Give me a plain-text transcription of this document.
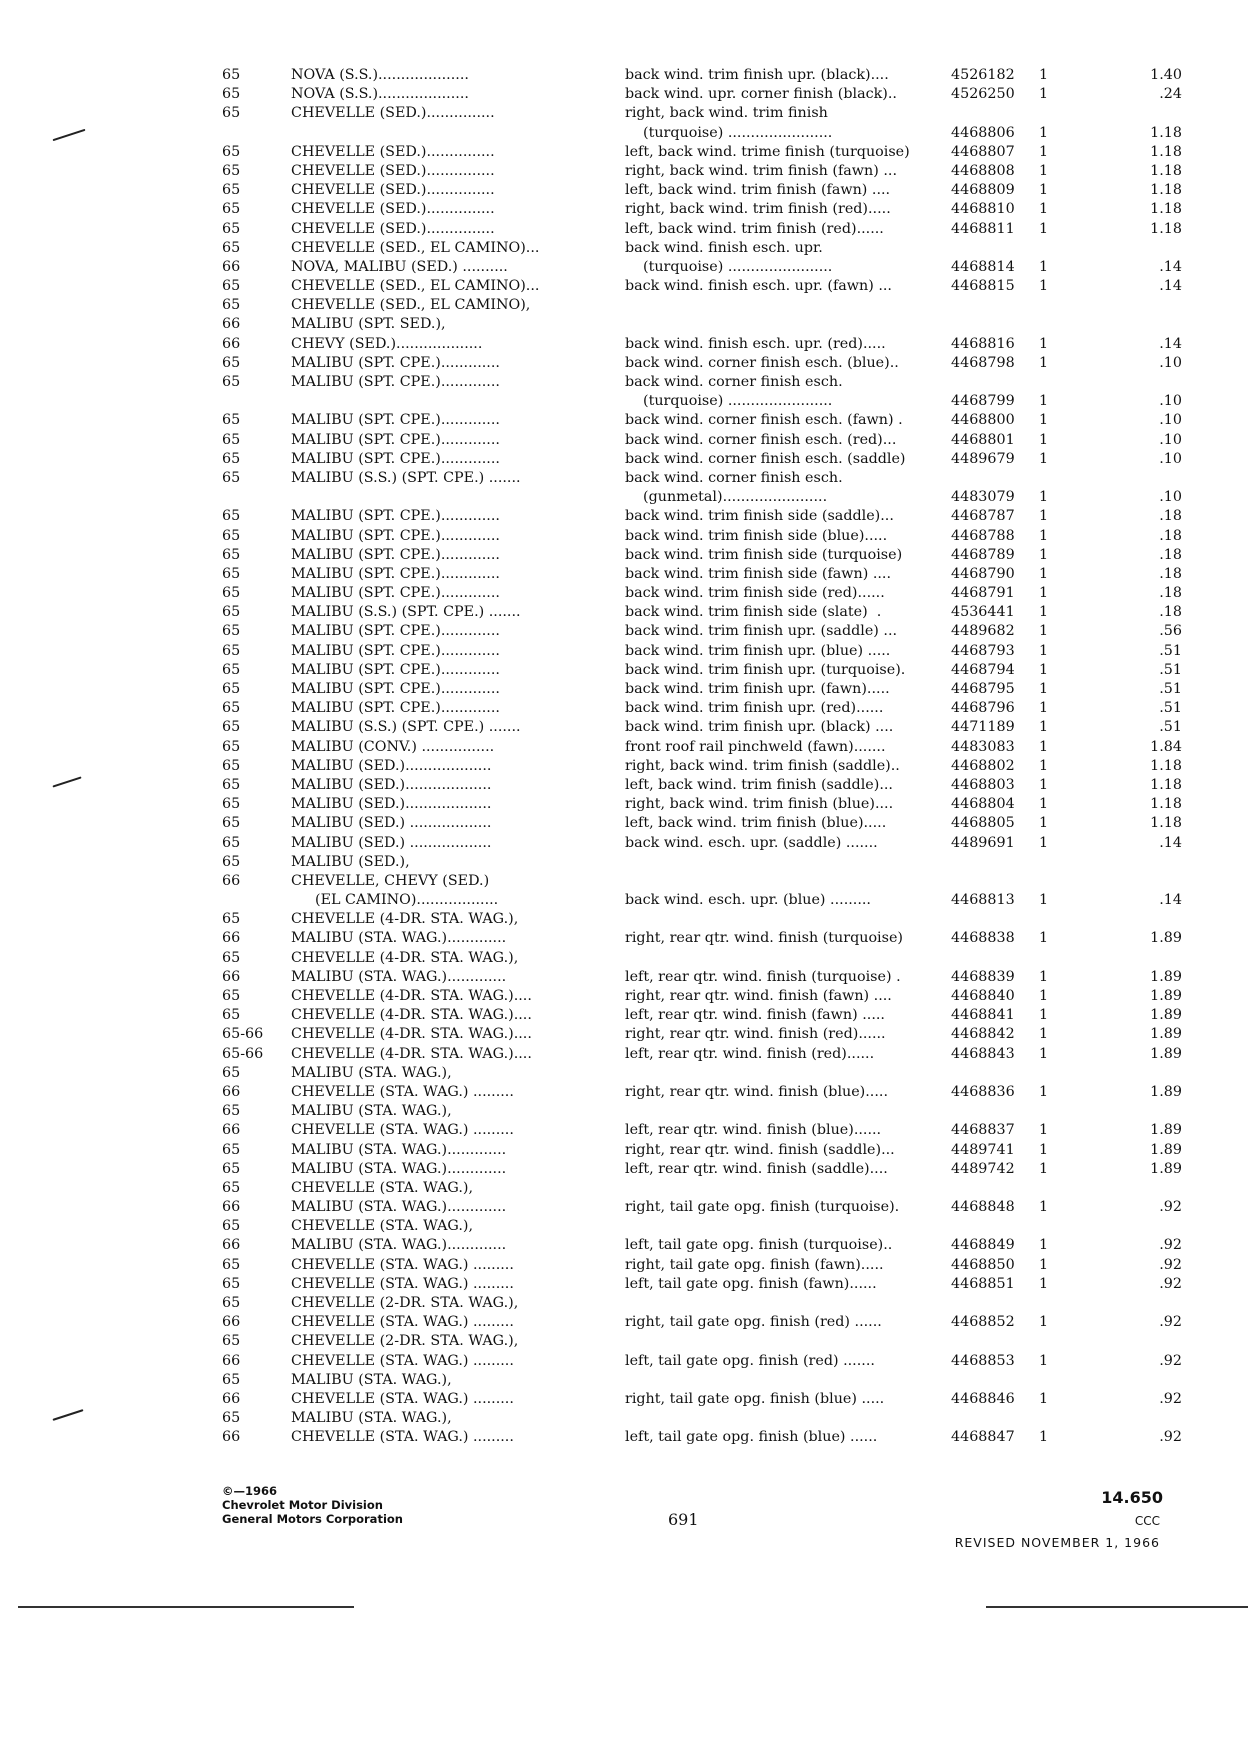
65	NOVA (S.S.)....................	back wind. trim finish upr. (black)....	4526182 1	1.40
65	NOVA (S.S.)....................	back wind. upr. corner finish (black)..	4526250 1	.24
65	CHEVELLE (SED.)...............	right, back wind. trim finish
(turquoise) .......................	4468806 1	1.18
65	CHEVELLE (SED.)...............	left, back wind. trime finish (turquoise)	4468807 1	1.18
65	CHEVELLE (SED.)...............	right, back wind. trim finish (fawn) ...	4468808 1	1.18
65	CHEVELLE (SED.)...............	left, back wind. trim finish (fawn) ....	4468809 1	1.18
65	CHEVELLE (SED.)...............	right, back wind. trim finish (red).....	4468810 1	1.18
65	CHEVELLE (SED.)...............	left, back wind. trim finish (red)......	4468811 1	1.18
65	CHEVELLE (SED., EL CAMINO)...	back wind. finish esch. upr.
66	NOVA, MALIBU (SED.) ..........	(turquoise) .......................	4468814 1	.14
65	CHEVELLE (SED., EL CAMINO)...	back wind. finish esch. upr. (fawn) ...	4468815 1	.14
65	CHEVELLE (SED., EL CAMINO),
66	MALIBU (SPT. SED.),
66	CHEVY (SED.)...................	back wind. finish esch. upr. (red).....	4468816 1	.14
65	MALIBU (SPT. CPE.).............	back wind. corner finish esch. (blue)..	4468798 1	.10
65	MALIBU (SPT. CPE.).............	back wind. corner finish esch.
(turquoise) .......................	4468799 1	.10
65	MALIBU (SPT. CPE.).............	back wind. corner finish esch. (fawn) .	4468800 1	.10
65	MALIBU (SPT. CPE.).............	back wind. corner finish esch. (red)...	4468801 1	.10
65	MALIBU (SPT. CPE.).............	back wind. corner finish esch. (saddle)	4489679 1	.10
65	MALIBU (S.S.) (SPT. CPE.) .......	back wind. corner finish esch.
(gunmetal).......................	4483079 1	.10
65	MALIBU (SPT. CPE.).............	back wind. trim finish side (saddle)...	4468787 1	.18
65	MALIBU (SPT. CPE.).............	back wind. trim finish side (blue).....	4468788 1	.18
65	MALIBU (SPT. CPE.).............	back wind. trim finish side (turquoise)	4468789 1	.18
65	MALIBU (SPT. CPE.).............	back wind. trim finish side (fawn) ....	4468790 1	.18
65	MALIBU (SPT. CPE.).............	back wind. trim finish side (red)......	4468791 1	.18
65	MALIBU (S.S.) (SPT. CPE.) .......	back wind. trim finish side (slate)  .	4536441 1	.18
65	MALIBU (SPT. CPE.).............	back wind. trim finish upr. (saddle) ...	4489682 1	.56
65	MALIBU (SPT. CPE.).............	back wind. trim finish upr. (blue) .....	4468793 1	.51
65	MALIBU (SPT. CPE.).............	back wind. trim finish upr. (turquoise).	4468794 1	.51
65	MALIBU (SPT. CPE.).............	back wind. trim finish upr. (fawn).....	4468795 1	.51
65	MALIBU (SPT. CPE.).............	back wind. trim finish upr. (red)......	4468796 1	.51
65	MALIBU (S.S.) (SPT. CPE.) .......	back wind. trim finish upr. (black) ....	4471189 1	.51
65	MALIBU (CONV.) ................	front roof rail pinchweld (fawn).......	4483083 1	1.84
65	MALIBU (SED.)...................	right, back wind. trim finish (saddle)..	4468802 1	1.18
65	MALIBU (SED.)...................	left, back wind. trim finish (saddle)...	4468803 1	1.18
65	MALIBU (SED.)...................	right, back wind. trim finish (blue)....	4468804 1	1.18
65	MALIBU (SED.) ..................	left, back wind. trim finish (blue).....	4468805 1	1.18
65	MALIBU (SED.) ..................	back wind. esch. upr. (saddle) .......	4489691 1	.14
65	MALIBU (SED.),
66	CHEVELLE, CHEVY (SED.)
(EL CAMINO)..................	back wind. esch. upr. (blue) .........	4468813 1	.14
65	CHEVELLE (4-DR. STA. WAG.),
66	MALIBU (STA. WAG.).............	right, rear qtr. wind. finish (turquoise)	4468838 1	1.89
65	CHEVELLE (4-DR. STA. WAG.),
66	MALIBU (STA. WAG.).............	left, rear qtr. wind. finish (turquoise) .	4468839 1	1.89
65	CHEVELLE (4-DR. STA. WAG.)....	right, rear qtr. wind. finish (fawn) ....	4468840 1	1.89
65	CHEVELLE (4-DR. STA. WAG.)....	left, rear qtr. wind. finish (fawn) .....	4468841 1	1.89
65-66 CHEVELLE (4-DR. STA. WAG.)....	right, rear qtr. wind. finish (red)......	4468842 1	1.89
65-66 CHEVELLE (4-DR. STA. WAG.)....	left, rear qtr. wind. finish (red)......	4468843 1	1.89
65	MALIBU (STA. WAG.),
66	CHEVELLE (STA. WAG.) .........	right, rear qtr. wind. finish (blue).....	4468836 1	1.89
65	MALIBU (STA. WAG.),
66	CHEVELLE (STA. WAG.) .........	left, rear qtr. wind. finish (blue)......	4468837 1	1.89
65	MALIBU (STA. WAG.).............	right, rear qtr. wind. finish (saddle)...	4489741 1	1.89
65	MALIBU (STA. WAG.).............	left, rear qtr. wind. finish (saddle)....	4489742 1	1.89
65	CHEVELLE (STA. WAG.),
66	MALIBU (STA. WAG.).............	right, tail gate opg. finish (turquoise).	4468848 1	.92
65	CHEVELLE (STA. WAG.),
66	MALIBU (STA. WAG.).............	left, tail gate opg. finish (turquoise)..	4468849 1	.92
65	CHEVELLE (STA. WAG.) .........	right, tail gate opg. finish (fawn).....	4468850 1	.92
65	CHEVELLE (STA. WAG.) .........	left, tail gate opg. finish (fawn)......	4468851 1	.92
65	CHEVELLE (2-DR. STA. WAG.),
66	CHEVELLE (STA. WAG.) .........	right, tail gate opg. finish (red) ......	4468852 1	.92
65	CHEVELLE (2-DR. STA. WAG.),
66	CHEVELLE (STA. WAG.) .........	left, tail gate opg. finish (red) .......	4468853 1	.92
65	MALIBU (STA. WAG.),
66	CHEVELLE (STA. WAG.) .........	right, tail gate opg. finish (blue) .....	4468846 1	.92
65	MALIBU (STA. WAG.),
66	CHEVELLE (STA. WAG.) .........	left, tail gate opg. finish (blue) ......	4468847 1	.92
©—1966
Chevrolet Motor Division
General Motors Corporation	691
14.650
CCC
REVISED NOVEMBER 1, 1966
